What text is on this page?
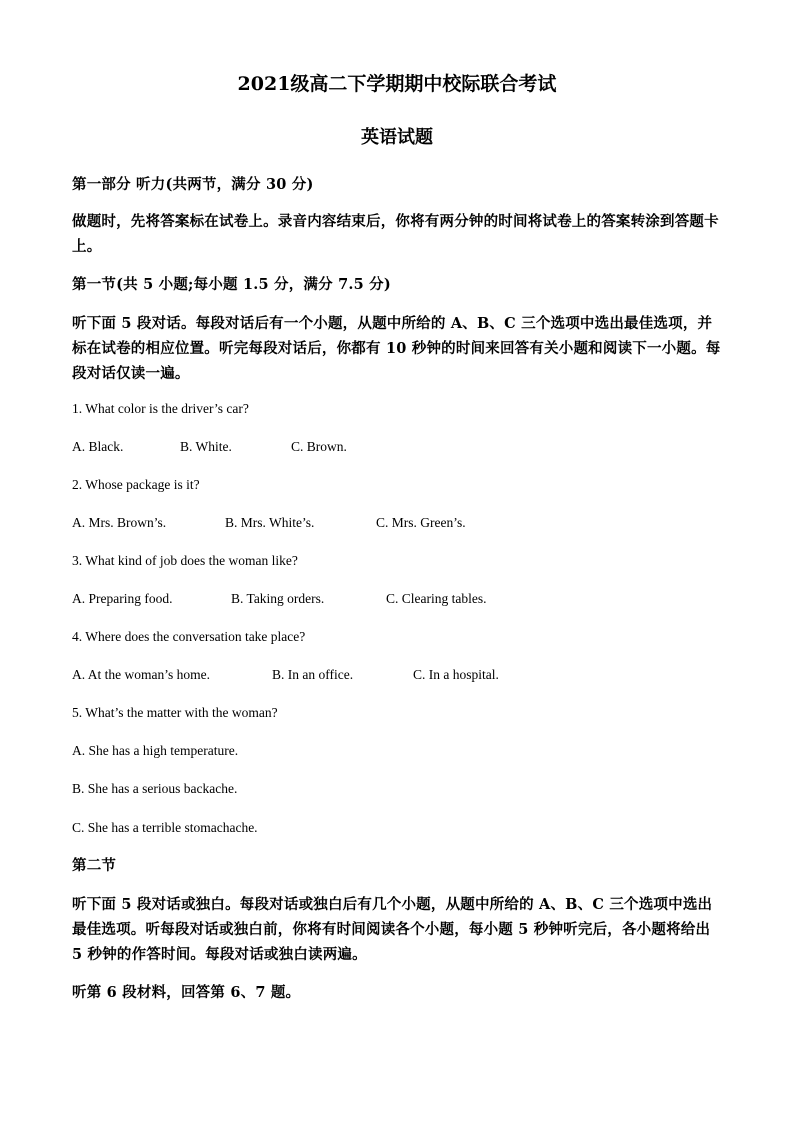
2021级高二下学期期中校际联合考试
英语试题

第一部分 听力(共两节，满分 30 分)

做题时，先将答案标在试卷上。录音内容结束后，你将有两分钟的时间将试卷上的答案转涂到答题卡上。

第一节(共 5 小题;每小题 1.5 分，满分 7.5 分)

听下面 5 段对话。每段对话后有一个小题，从题中所给的 A、B、C 三个选项中选出最佳选项，并标在试卷的相应位置。听完每段对话后，你都有 10 秒钟的时间来回答有关小题和阅读下一小题。每段对话仅读一遍。

1. What color is the driver’s car?

A. Black.	B. White.	C. Brown.

2. Whose package is it?

A. Mrs. Brown’s.	B. Mrs. White’s.	C. Mrs. Green’s.

3. What kind of job does the woman like?

A. Preparing food.	B. Taking orders.	C. Clearing tables.

4. Where does the conversation take place?

A. At the woman’s home.	B. In an office.	C. In a hospital.

5. What’s the matter with the woman?

A. She has a high temperature.

B. She has a serious backache.

C. She has a terrible stomachache.

第二节

听下面 5 段对话或独白。每段对话或独白后有几个小题，从题中所给的 A、B、C 三个选项中选出最佳选项。听每段对话或独白前，你将有时间阅读各个小题，每小题 5 秒钟听完后，各小题将给出 5 秒钟的作答时间。每段对话或独白读两遍。

听第 6 段材料，回答第 6、7 题。
